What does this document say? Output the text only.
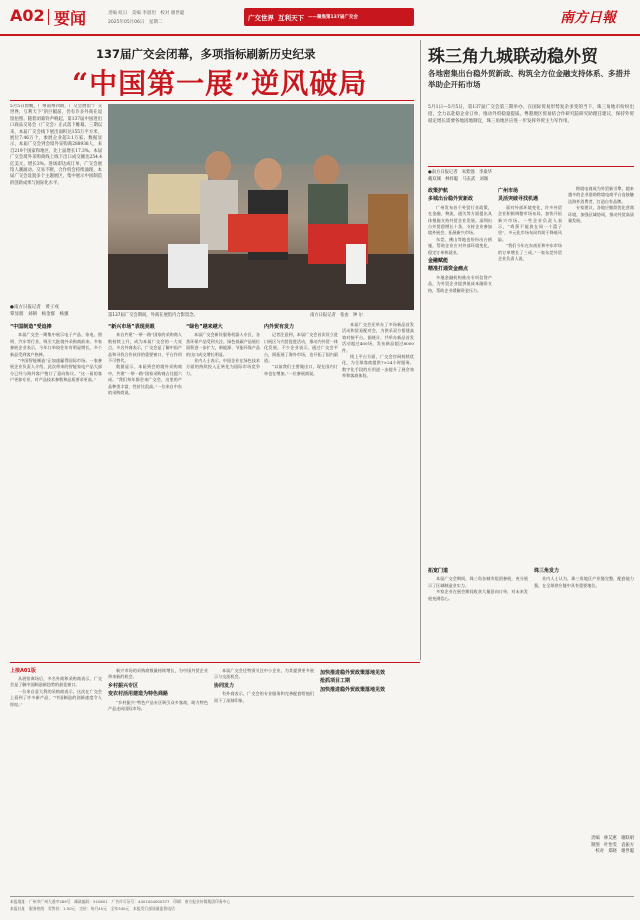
A02 要闻	责编 虹日　美编 李晨坦　校对 谢世聪
2025年05月06日　星期二
广交世界 互利天下 ——聚焦第137届广交会	南方日報
137届广交会闭幕，多项指标刷新历史纪录
“中国第一展”逆风破局
5月5日傍晚，广州南州四期，广交会展馆“广交世界，互利天下”的巨幅前，仍有许多外商在逗留拍照。随着闭幕铃声响起，第137届中国进出口商品交易会（广交会）正式落下帷幕。三期以来，本届广交会线下展出面积达155万平方米，展位7.46万个，参展企业超3.1万家。数据显示，本届广交会到会境外采购商288938人，来自219个国家和地区，比上届增长17.3%。本届广交会境外采购商线上线下出口成交额达254.4亿美元，增长3%。进场即达成订单，广交会展馆人潮涌动。交易不断，合作机会持续涌现。本届广交会设置多个主题展区，集中展示中国制造的创新成果与国际化水平。
●南方日报记者　黄子戍
覃显朋　刘朝　杨金群　杨强	第137届广交会期间，外商在展馆内合影留念。	南方日报记者　张由　钟 尔
“中国制造”受追捧

本届广交会一期集中展示电子产品、家电、照明、汽车等行业，吸引大批境外采购商前来。多家参展企业表示，今年订单较往年有明显增长，多个新品受到客户热捧。

“中国智能制造”正加速赢得国际市场。一家参展企业负责人介绍，此次带来的智能家电产品大部分已经与海外客户签订了意向协议。“这一届的客户更加专业，对产品技术参数和品质要求更高。”

“新兴市场”表现亮眼

来自共建“一带一路”国家的采购商人数持续上升，成为本届广交会的一大亮点。多名外商表示，广交会是了解中国产品和寻找合作伙伴的重要窗口，平台作用不可替代。

数据显示，本届到会的境外采购商中，共建“一带一路”国家采购商占比超六成。“我们每年都会来广交会，这里的产品种类丰富，性价比很高。”一位来自中东的采购商说。

“绿色”越来越大

本届广交会新设服务机器人专区，各类环保产品受到关注。绿色低碳产品展位面积进一步扩大，新能源、节能环保产品的出口成交增长明显。

业内人士表示，中国企业在绿色技术方面的持续投入正转化为国际市场竞争力。

内外贸有发力

记者注意到，本届广交会首次设立进口展区与内贸促进活动，推动内外贸一体化发展。不少企业表示，通过广交会平台，既拓展了海外市场，也开拓了国内渠道。

“以前我们主要做出口，现在国内订单也在增加。”一位参展商说。

本届广交会还举办了多场新品首发活动和贸易配对会，为供采双方搭建高效对接平台。据统计，共举办新品首发活动超过400场，发布新品超过8000件。

线上平台方面，广交会官网持续优化，为全球客商提供7×24小时服务。数字化手段的应用进一步提升了展会效率和客商体验。

珠三角九城联动稳外贸
各地密集出台稳外贸新政、构筑全方位金融支持体系、多措并举助企开拓市场
5月1日—5月5日，第137届广交会第三期举办。在国际贸易形势复杂多变的当下，珠三角地市纷纷出招，全力以赴稳企业订单，推动外贸稳量提质。粤港澳区贸易结合作研究院研究助理任建议，保持外贸稳定增长需要各地因地制宜，珠三角地区应进一步发挥外贸主力军作用。
●南方日报记者　朱紫强　李桑华
戴双城　林梓聪　马玄武　刘旸
政策护航
多城出台稳外贸新政

广州发布首个外贸行业政策，在金融、物流、通关等方面提出具体措施支持外贸企业发展。深圳出台外贸稳增长十条，支持企业参加境外展会，拓展新兴市场。

东莞、佛山等地也纷纷出台措施，帮助企业应对外部环境变化，稳定订单和就业。

金融赋能
精准打通资金痛点

多地金融机构推出专项信贷产品，为外贸企业提供低成本融资支持，帮助企业缓解资金压力。

广州市场
灵活突破寻找机遇

面对外部环境变化，许多外贸企业积极调整市场布局，加快开拓新兴市场。一些企业负责人表示，“鸡蛋不能放在同一个篮子里”，多元化市场布局有助于降低风险。

“我们今年在东南亚和中东市场的订单增长了三成。”一家东莞外贸企业负责人说。

跨境电商成为外贸新引擎，越来越多的企业借助跨境电商平台直接触达海外消费者，打造自有品牌。

专家建议，各地应继续优化营商环境，加强区域协同，推动外贸高质量发展。

拓宽门道

本届广交会期间，珠三角各城市组团参展，充分展示了区域制造业实力。

多家企业在展会期间收获大量意向订单，对未来发展充满信心。

珠三角发力

业内人士认为，珠三角地区产业链完整，配套能力强，在全球供应链中具有重要地位。

责编　林艾惠　谢联娟
制图　叶怡雯　袁振方
校对　郑晓　谢世聪
上接A01版

从展馆离场后，多名外商和采购商表示，广交会是了解中国制造新趋势的最佳窗口。

一位来自意大利的采购商表示，这次在广交会上看到了许多新产品，“中国制造的创新速度令人惊叹。”

新兴市场的采购商数量持续增长，为中国外贸企业带来新的机会。

乡村振兴专区
变农村活用建造为特色商路

“乡村振兴”特色产品专区吸引众多客商，助力特色产品走向国际市场。

本届广交会还特别关注中小企业，为其提供更多展示与交流机会。

协同发力

有外商表示，广交会的专业服务和完善配套给他们留下了深刻印象。

加快推进稳外贸政策落地见效
抢抓项目工期
加快推进稳外贸政策落地见效
本报地址：广州市广州大道中289号　邮政编码：510601　广告许可证号：4401004000377　印刷：南方报业传媒集团印务中心
本报社址　服务热线　零售价：1.50元　定价：每月45元　全年540元　本报发行部质量监督电话
